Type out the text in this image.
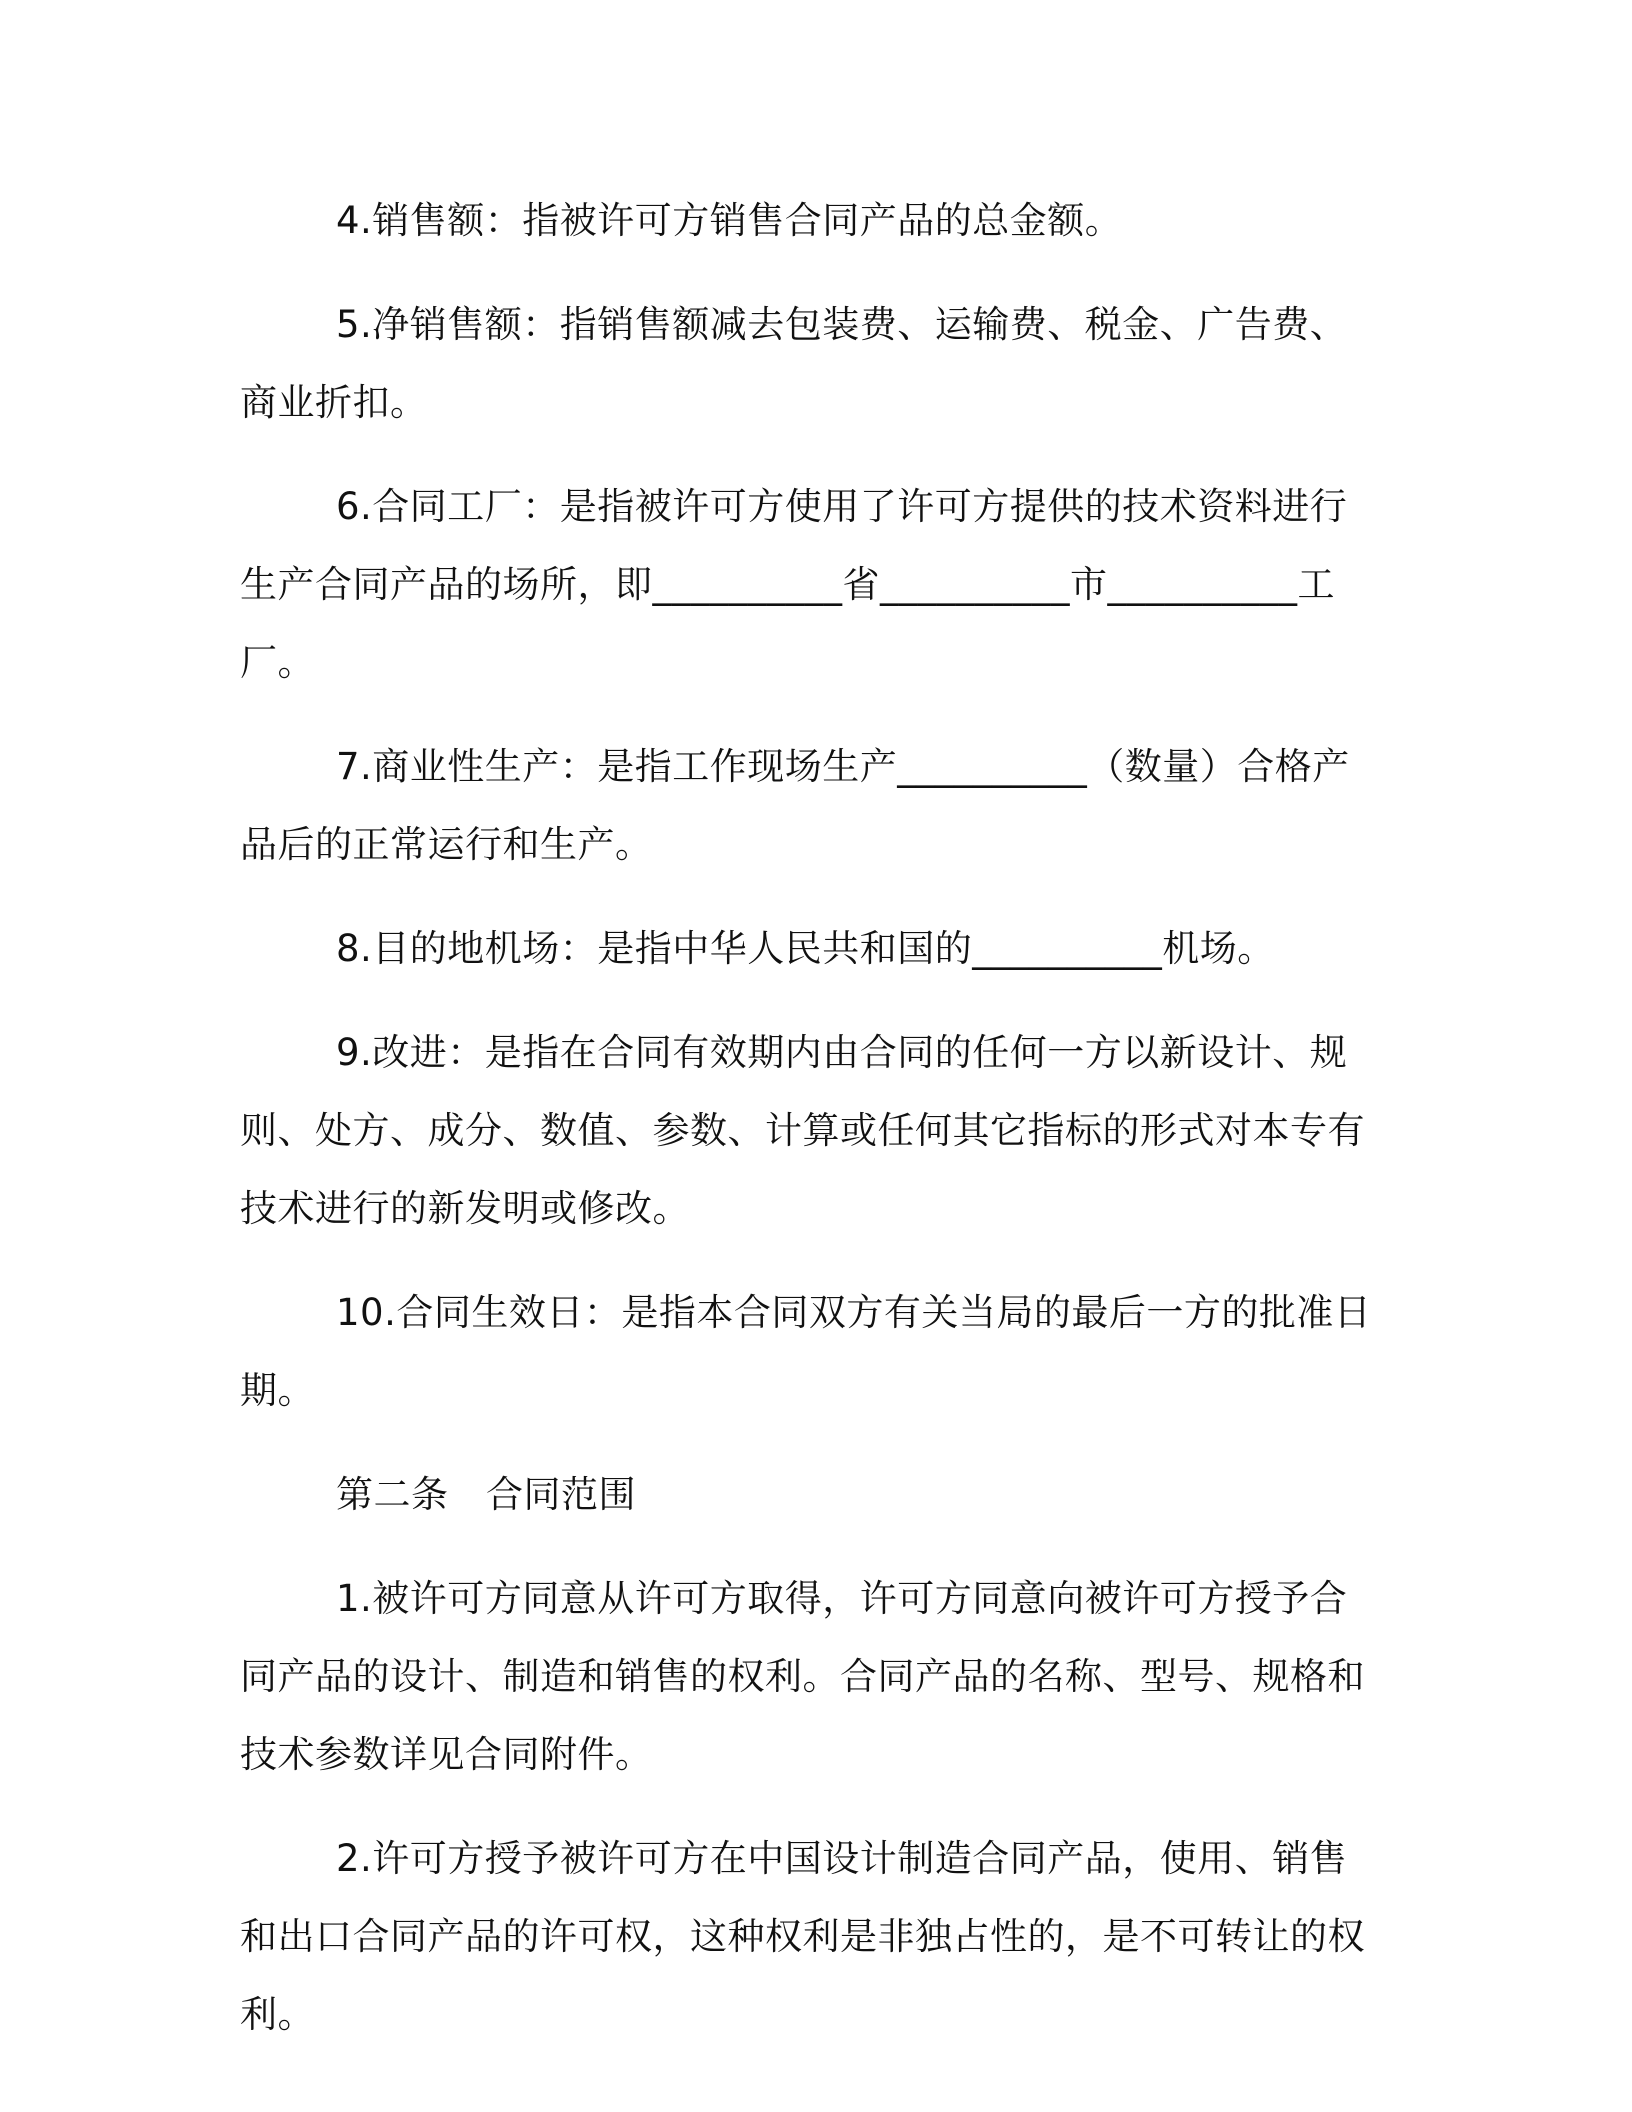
4.销售额：指被许可方销售合同产品的总金额。

5.净销售额：指销售额减去包装费、运输费、税金、广告费、商业折扣。

6.合同工厂：是指被许可方使用了许可方提供的技术资料进行生产合同产品的场所，即__________省__________市__________工厂。

7.商业性生产：是指工作现场生产__________（数量）合格产品后的正常运行和生产。

8.目的地机场：是指中华人民共和国的__________机场。

9.改进：是指在合同有效期内由合同的任何一方以新设计、规则、处方、成分、数值、参数、计算或任何其它指标的形式对本专有技术进行的新发明或修改。

10.合同生效日：是指本合同双方有关当局的最后一方的批准日期。

第二条　合同范围

1.被许可方同意从许可方取得，许可方同意向被许可方授予合同产品的设计、制造和销售的权利。合同产品的名称、型号、规格和技术参数详见合同附件。

2.许可方授予被许可方在中国设计制造合同产品，使用、销售和出口合同产品的许可权，这种权利是非独占性的，是不可转让的权利。
